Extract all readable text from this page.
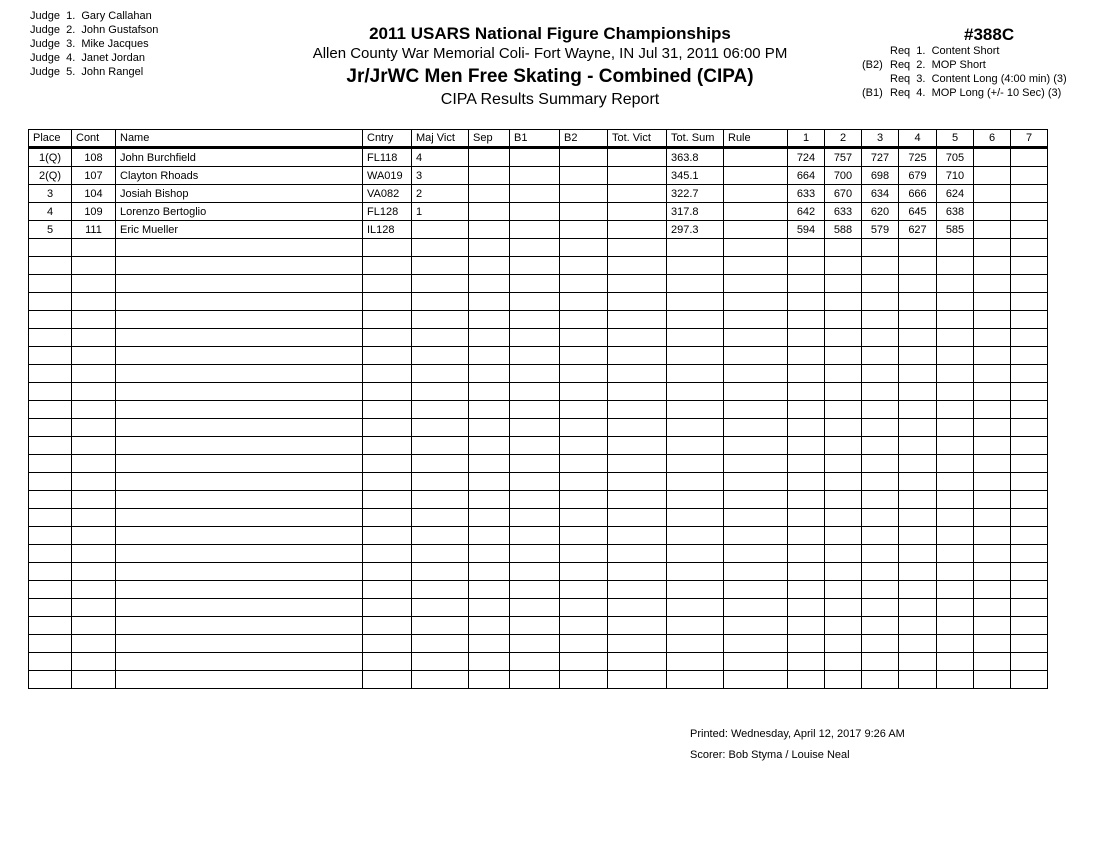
Judge  1.  Gary Callahan
Judge  2.  John Gustafson
Judge  3.  Mike Jacques
Judge  4.  Janet Jordan
Judge  5.  John Rangel
2011 USARS National Figure Championships
Allen County War Memorial Coli- Fort Wayne, IN Jul 31, 2011 06:00 PM
Jr/JrWC Men Free Skating - Combined (CIPA)
CIPA Results Summary Report
#388C
Req  1.  Content Short
(B2) Req  2.  MOP Short
Req  3.  Content Long (4:00 min) (3)
(B1) Req  4.  MOP Long (+/- 10 Sec) (3)
Place	Cont	Name	Cntry	Maj Vict	Sep	B1	B2	Tot. Vict	Tot. Sum	Rule	1	2	3	4	5	6	7
1(Q)	108	John Burchfield	FL118	4					363.8		724	757	727	725	705		
2(Q)	107	Clayton Rhoads	WA019	3					345.1		664	700	698	679	710		
3	104	Josiah Bishop	VA082	2					322.7		633	670	634	666	624		
4	109	Lorenzo Bertoglio	FL128	1					317.8		642	633	620	645	638		
5	111	Eric Mueller	IL128						297.3		594	588	579	627	585		

Printed: Wednesday, April 12, 2017 9:26 AM
Scorer: Bob Styma / Louise Neal
